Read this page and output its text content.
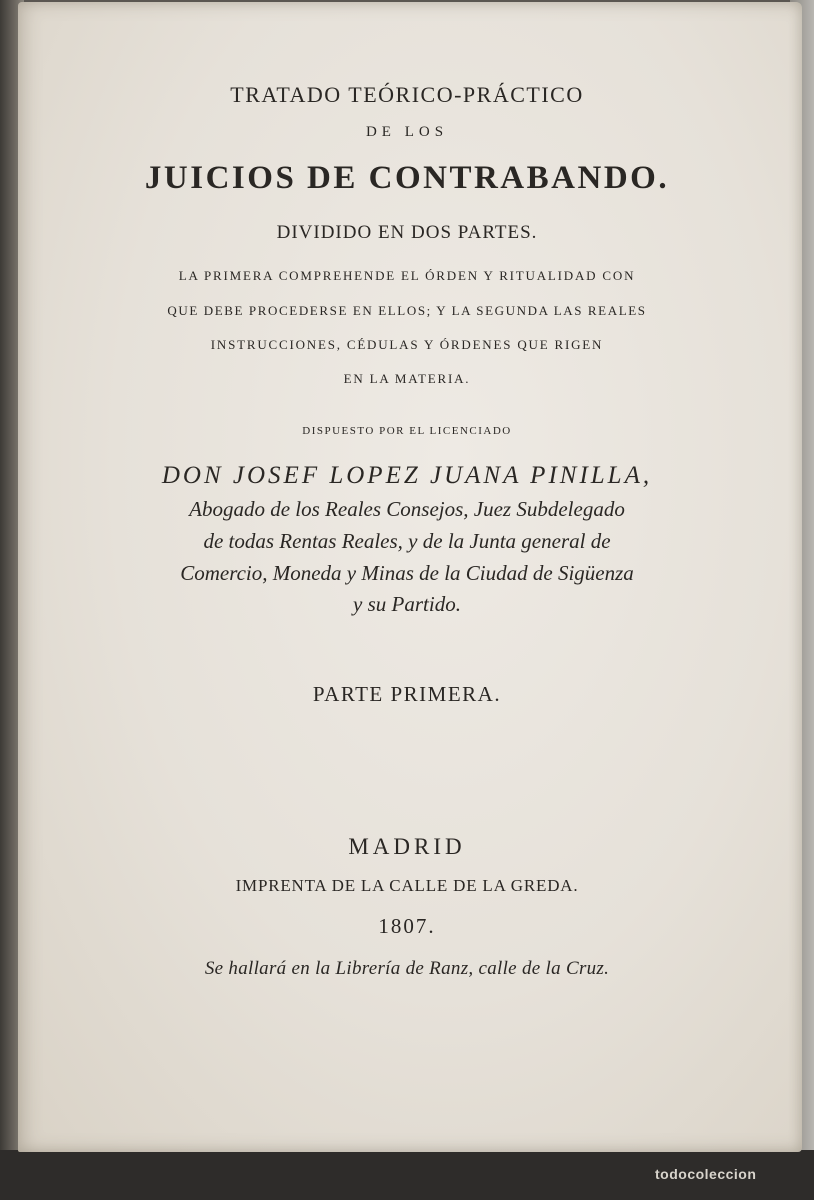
TRATADO TEÓRICO-PRÁCTICO
DE LOS
JUICIOS DE CONTRABANDO.
DIVIDIDO EN DOS PARTES.
LA PRIMERA COMPREHENDE EL ÓRDEN Y RITUALIDAD CON
QUE DEBE PROCEDERSE EN ELLOS; Y LA SEGUNDA LAS REALES
INSTRUCCIONES, CÉDULAS Y ÓRDENES QUE RIGEN
EN LA MATERIA.
DISPUESTO POR EL LICENCIADO
DON JOSEF LOPEZ JUANA PINILLA,
Abogado de los Reales Consejos, Juez Subdelegado
de todas Rentas Reales, y de la Junta general de
Comercio, Moneda y Minas de la Ciudad de Sigüenza
y su Partido.
PARTE PRIMERA.
MADRID
IMPRENTA DE LA CALLE DE LA GREDA.
1807.
Se hallará en la Librería de Ranz, calle de la Cruz.
todocoleccion
